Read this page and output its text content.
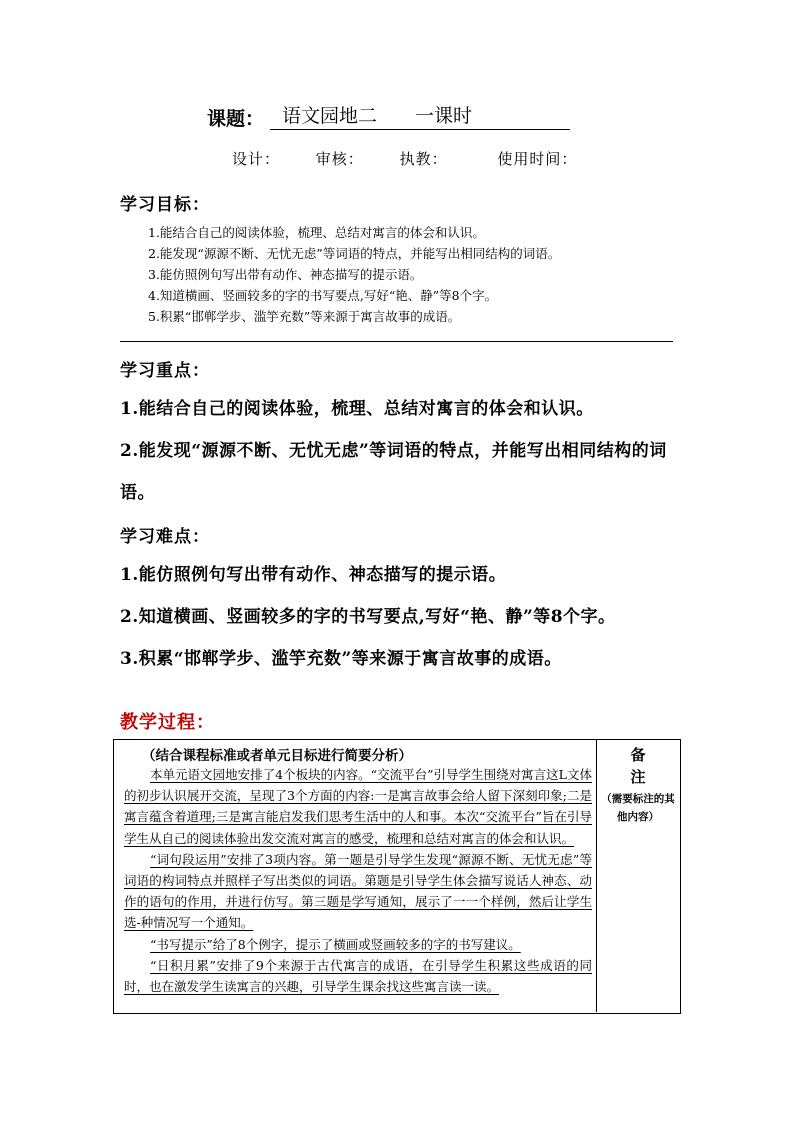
课题： 语文园地二　　一课时
设计： 审核： 执教：	使用时间：
学习目标：
1.能结合自己的阅读体验，梳理、总结对寓言的体会和认识。
2.能发现“源源不断、无忧无虑”等词语的特点，并能写出相同结构的词语。
3.能仿照例句写出带有动作、神态描写的提示语。
4.知道横画、竖画较多的字的书写要点,写好“艳、静”等8个字。
5.积累“邯郸学步、滥竽充数”等来源于寓言故事的成语。
学习重点：

1.能结合自己的阅读体验，梳理、总结对寓言的体会和认识。

2.能发现“源源不断、无忧无虑”等词语的特点，并能写出相同结构的词语。

学习难点：

1.能仿照例句写出带有动作、神态描写的提示语。

2.知道横画、竖画较多的字的书写要点,写好“艳、静”等8个字。

3.积累“邯郸学步、滥竽充数”等来源于寓言故事的成语。

教学过程：
（结合课程标准或者单元目标进行简要分析）

本单元语文园地安排了4个板块的内容。“交流平台”引导学生围绕对寓言这L文体的初步认识展开交流，呈现了3个方面的内容:一是寓言故事会给人留下深刻印象;二是寓言蕴含着道理;三是寓言能启发我们思考生活中的人和事。本次“交流平台”旨在引导学生从自己的阅读体验出发交流对寓言的感受，梳理和总结对寓言的体会和认识。

“词句段运用”安排了3项内容。第一题是引导学生发现“源源不断、无忧无虑”等词语的构词特点并照样子写出类似的词语。第题是引导学生体会描写说话人神态、动作的语句的作用，并进行仿写。第三题是学写通知，展示了一一个样例，然后让学生选-种情况写一个通知。

“书写提示”给了8个例字，提示了横画或竖画较多的字的书写建议。

“日积月累”安排了9个来源于古代寓言的成语，在引导学生积累这些成语的同时，也在激发学生读寓言的兴趣，引导学生课余找这些寓言读一读。

备
注
（需要标注的其他内容）
